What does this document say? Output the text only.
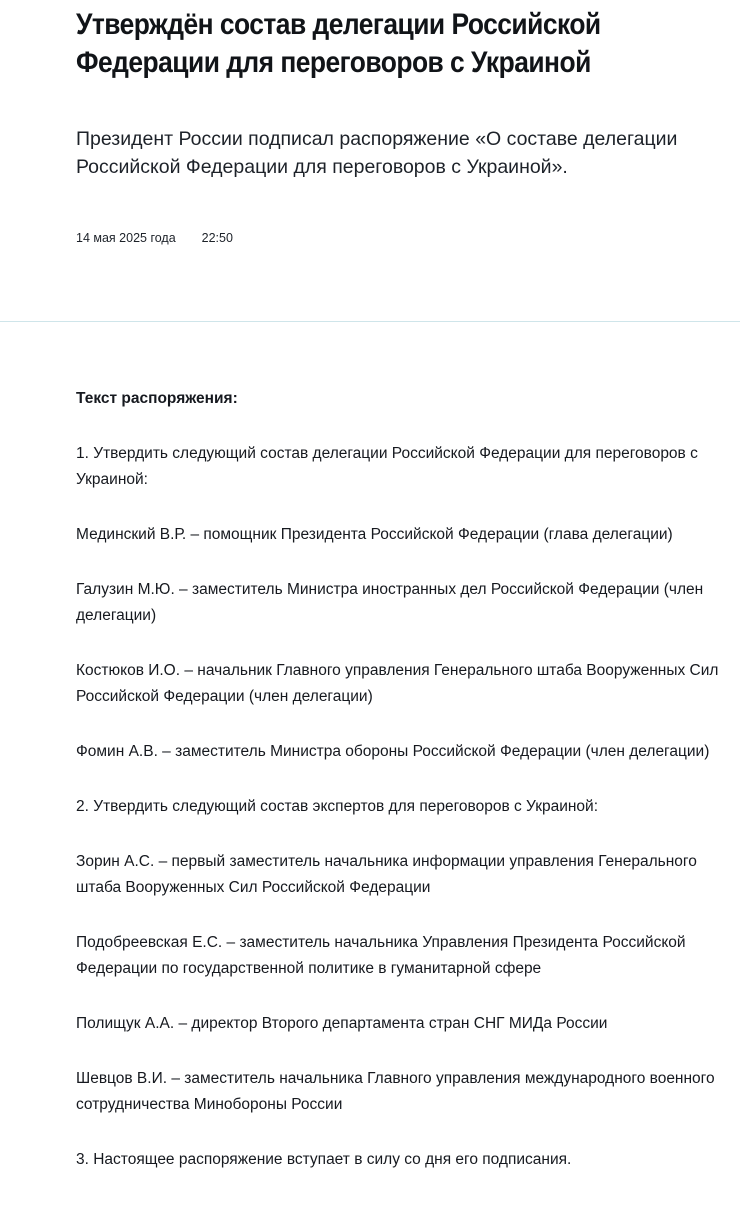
Утверждён состав делегации Российской Федерации для переговоров с Украиной

Президент России подписал распоряжение «О составе делегации Российской Федерации для переговоров с Украиной».

14 мая 2025 года 22:50

Текст распоряжения:

1. Утвердить следующий состав делегации Российской Федерации для переговоров с Украиной:

Мединский В.Р. – помощник Президента Российской Федерации (глава делегации)

Галузин М.Ю. – заместитель Министра иностранных дел Российской Федерации (член делегации)

Костюков И.О. – начальник Главного управления Генерального штаба Вооруженных Сил Российской Федерации (член делегации)

Фомин А.В. – заместитель Министра обороны Российской Федерации (член делегации)

2. Утвердить следующий состав экспертов для переговоров с Украиной:

Зорин А.С. – первый заместитель начальника информации управления Генерального штаба Вооруженных Сил Российской Федерации

Подобреевская Е.С. – заместитель начальника Управления Президента Российской Федерации по государственной политике в гуманитарной сфере

Полищук А.А. – директор Второго департамента стран СНГ МИДа России

Шевцов В.И. – заместитель начальника Главного управления международного военного сотрудничества Минобороны России

3. Настоящее распоряжение вступает в силу со дня его подписания.
